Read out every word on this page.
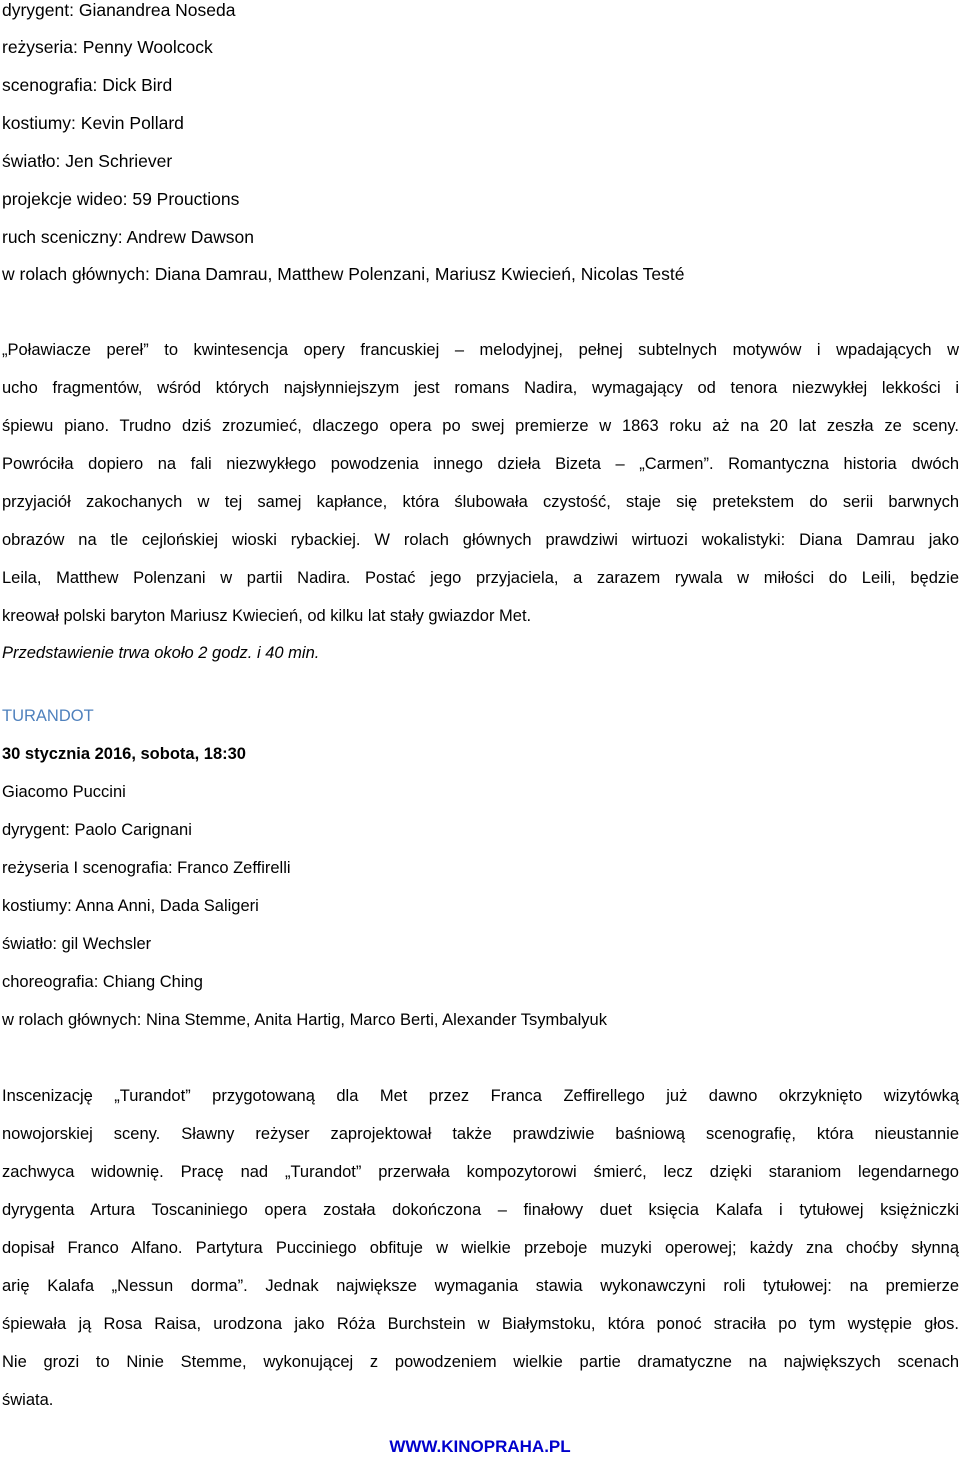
dyrygent: Gianandrea Noseda
reżyseria: Penny Woolcock
scenografia: Dick Bird
kostiumy: Kevin Pollard
światło: Jen Schriever
projekcje wideo: 59 Prouctions
ruch sceniczny: Andrew Dawson
w rolach głównych: Diana Damrau, Matthew Polenzani, Mariusz Kwiecień, Nicolas Testé

„Poławiacze pereł” to kwintesencja opery francuskiej – melodyjnej, pełnej subtelnych motywów i wpadających w

ucho fragmentów, wśród których najsłynniejszym jest romans Nadira, wymagający od tenora niezwykłej lekkości i

śpiewu piano. Trudno dziś zrozumieć, dlaczego opera po swej premierze w 1863 roku aż na 20 lat zeszła ze sceny.

Powróciła dopiero na fali niezwykłego powodzenia innego dzieła Bizeta – „Carmen”. Romantyczna historia dwóch

przyjaciół zakochanych w tej samej kapłance, która ślubowała czystość, staje się pretekstem do serii barwnych

obrazów na tle cejlońskiej wioski rybackiej. W rolach głównych prawdziwi wirtuozi wokalistyki: Diana Damrau jako

Leila, Matthew Polenzani w partii Nadira. Postać jego przyjaciela, a zarazem rywala w miłości do Leili, będzie

kreował polski baryton Mariusz Kwiecień, od kilku lat stały gwiazdor Met.

Przedstawienie trwa około 2 godz. i 40 min.
TURANDOT
30 stycznia 2016, sobota, 18:30
Giacomo Puccini
dyrygent: Paolo Carignani
reżyseria I scenografia: Franco Zeffirelli
kostiumy: Anna Anni, Dada Saligeri
światło: gil Wechsler
choreografia: Chiang Ching
w rolach głównych: Nina Stemme, Anita Hartig, Marco Berti, Alexander Tsymbalyuk

Inscenizację „Turandot” przygotowaną dla Met przez Franca Zeffirellego już dawno okrzyknięto wizytówką

nowojorskiej sceny. Sławny reżyser zaprojektował także prawdziwie baśniową scenografię, która nieustannie

zachwyca widownię. Pracę nad „Turandot” przerwała kompozytorowi śmierć, lecz dzięki staraniom legendarnego

dyrygenta Artura Toscaniniego opera została dokończona – finałowy duet księcia Kalafa i tytułowej księżniczki

dopisał Franco Alfano. Partytura Pucciniego obfituje w wielkie przeboje muzyki operowej; każdy zna choćby słynną

arię Kalafa „Nessun dorma”. Jednak największe wymagania stawia wykonawczyni roli tytułowej: na premierze

śpiewała ją Rosa Raisa, urodzona jako Róża Burchstein w Białymstoku, która ponoć straciła po tym występie głos.

Nie grozi to Ninie Stemme, wykonującej z powodzeniem wielkie partie dramatyczne na największych scenach

świata.

WWW.KINOPRAHA.PL
